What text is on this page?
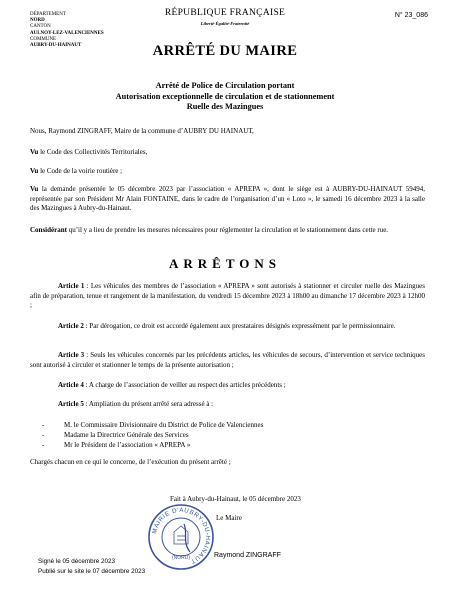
DÉPARTEMENT
NORD
CANTON
AULNOY-LEZ-VALENCIENNES
COMMUNE
AUBRY-DU-HAINAUT
RÉPUBLIQUE FRANÇAISE
Liberté-Égalité-Fraternité
N° 23_086
ARRÊTÉ DU MAIRE
Arrêté de Police de Circulation portant
Autorisation exceptionnelle de circulation et de stationnement
Ruelle des Mazingues
Nous, Raymond ZINGRAFF, Maire de la commune d’AUBRY DU HAINAUT,
Vu le Code des Collectivités Territoriales,
Vu le Code de la voirie routière ;
Vu la demande présentée le 05 décembre 2023 par l’association « APREPA », dont le siège est à AUBRY-DU-HAINAUT 59494, représentée par son Président Mr Alain FONTAINE, dans le cadre de l’organisation d’un « Loto », le samedi 16 décembre 2023 à la salle des Mazingues à Aubry-du-Hainaut.
Considérant qu’il y a lieu de prendre les mesures nécessaires pour réglementer la circulation et le stationnement dans cette rue.
ARRÊTONS
Article 1 : Les véhicules des membres de l’association « APREPA » sont autorisés à stationner et circuler ruelle des Mazingues afin de préparation, tenue et rangement de la manifestation, du vendredi 15 décembre 2023 à 18h00 au dimanche 17 décembre 2023 à 12h00 ;
Article 2 : Par dérogation, ce droit est accordé également aux prestataires désignés expressément par le permissionnaire.
Article 3 : Seuls les véhicules concernés par les précédents articles, les véhicules de secours, d’intervention et service techniques sont autorisé à circuler et stationner le temps de la présente autorisation ;
Article 4 : A charge de l’association de veiller au respect des articles précédents ;
Article 5 : Ampliation du présent arrêté sera adressé à :
-	M. le Commissaire Divisionnaire du District de Police de Valenciennes
-	Madame la Directrice Générale des Services
-	Mr le Président de l’association « APREPA »
Chargés chacun en ce qui le concerne, de l’exécution du présent arrêté ;
Fait à Aubry-du-Hainaut, le 05 décembre 2023
Le Maire
MAIRIE D'AUBRY-DU-HAINAUT
(NORD)	Raymond ZINGRAFF
Signé le 05 décembre 2023
Publié sur le site le 07 décembre 2023
